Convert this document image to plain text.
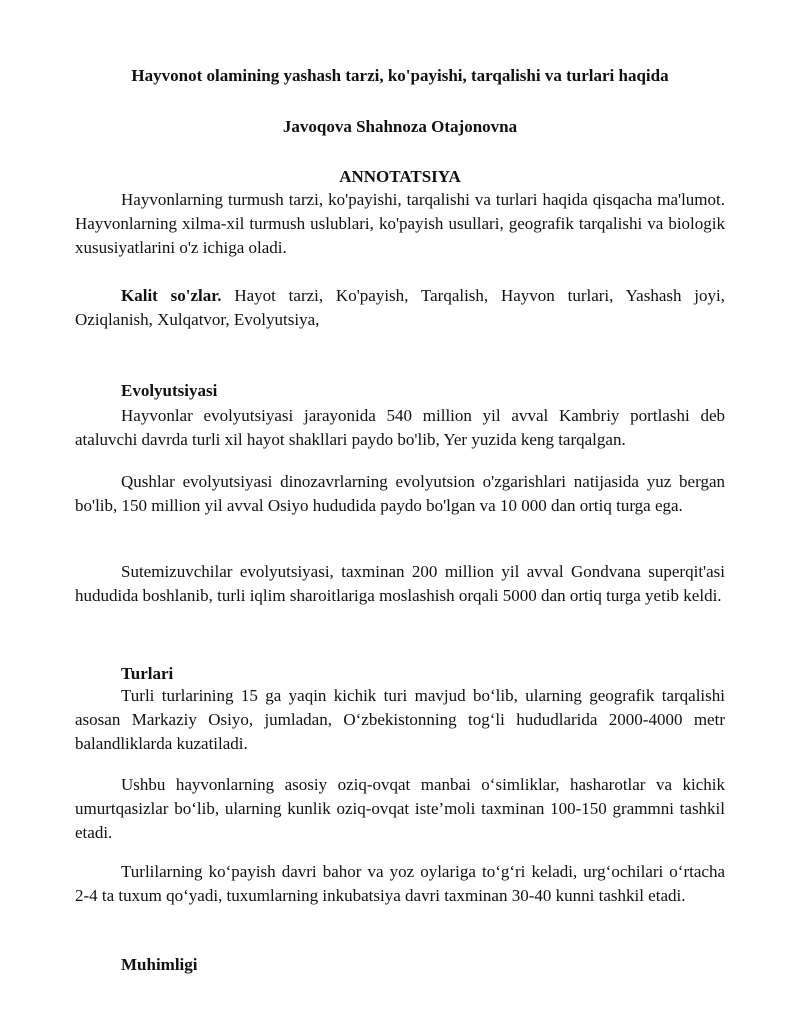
Hayvonot olamining yashash tarzi, ko'payishi, tarqalishi va turlari haqida
Javoqova Shahnoza Otajonovna
ANNOTATSIYA

Hayvonlarning turmush tarzi, ko'payishi, tarqalishi va turlari haqida qisqacha ma'lumot. Hayvonlarning xilma-xil turmush uslublari, ko'payish usullari, geografik tarqalishi va biologik xususiyatlarini o'z ichiga oladi.

Kalit so'zlar. Hayot tarzi, Ko'payish, Tarqalish, Hayvon turlari, Yashash joyi, Oziqlanish, Xulqatvor, Evolyutsiya,

Evolyutsiyasi

Hayvonlar evolyutsiyasi jarayonida 540 million yil avval Kambriy portlashi deb ataluvchi davrda turli xil hayot shakllari paydo bo'lib, Yer yuzida keng tarqalgan.

Qushlar evolyutsiyasi dinozavrlarning evolyutsion o'zgarishlari natijasida yuz bergan bo'lib, 150 million yil avval Osiyo hududida paydo bo'lgan va 10 000 dan ortiq turga ega.

Sutemizuvchilar evolyutsiyasi, taxminan 200 million yil avval Gondvana superqit'asi hududida boshlanib, turli iqlim sharoitlariga moslashish orqali 5000 dan ortiq turga yetib keldi.

Turlari

Turli turlarining 15 ga yaqin kichik turi mavjud bo‘lib, ularning geografik tarqalishi asosan Markaziy Osiyo, jumladan, O‘zbekistonning tog‘li hududlarida 2000-4000 metr balandliklarda kuzatiladi.

Ushbu hayvonlarning asosiy oziq-ovqat manbai o‘simliklar, hasharotlar va kichik umurtqasizlar bo‘lib, ularning kunlik oziq-ovqat iste’moli taxminan 100-150 grammni tashkil etadi.

Turlilarning ko‘payish davri bahor va yoz oylariga to‘g‘ri keladi, urg‘ochilari o‘rtacha 2-4 ta tuxum qo‘yadi, tuxumlarning inkubatsiya davri taxminan 30-40 kunni tashkil etadi.

Muhimligi
